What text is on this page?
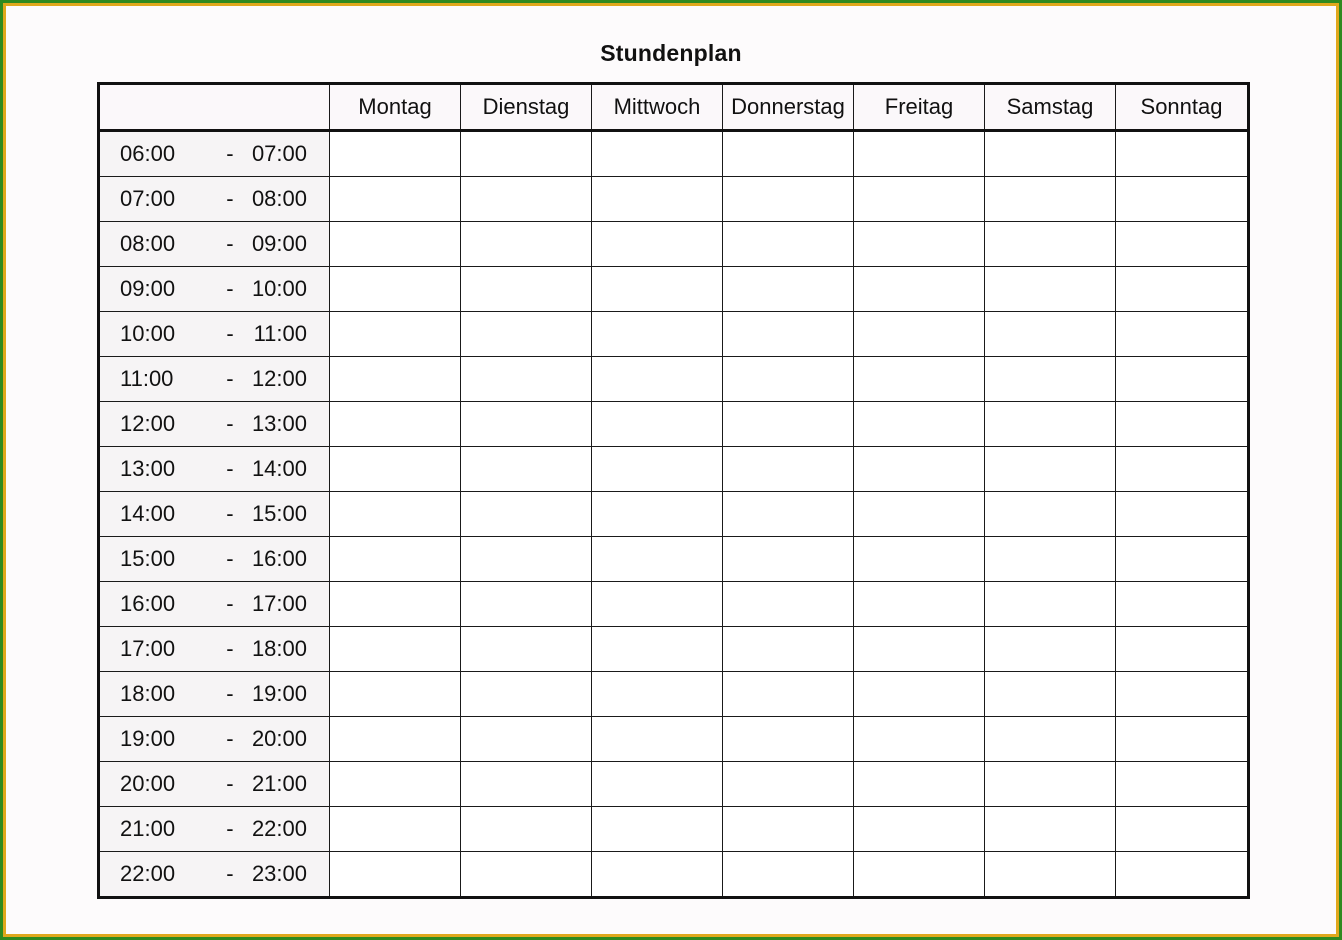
Stundenplan
	Montag	Dienstag	Mittwoch	Donnerstag	Freitag	Samstag	Sonntag

06:00 - 07:00							

07:00 - 08:00							

08:00 - 09:00							

09:00 - 10:00							

10:00 - 11:00							

11:00 - 12:00							

12:00 - 13:00							

13:00 - 14:00							

14:00 - 15:00							

15:00 - 16:00							

16:00 - 17:00							

17:00 - 18:00							

18:00 - 19:00							

19:00 - 20:00							

20:00 - 21:00							

21:00 - 22:00							

22:00 - 23:00							
